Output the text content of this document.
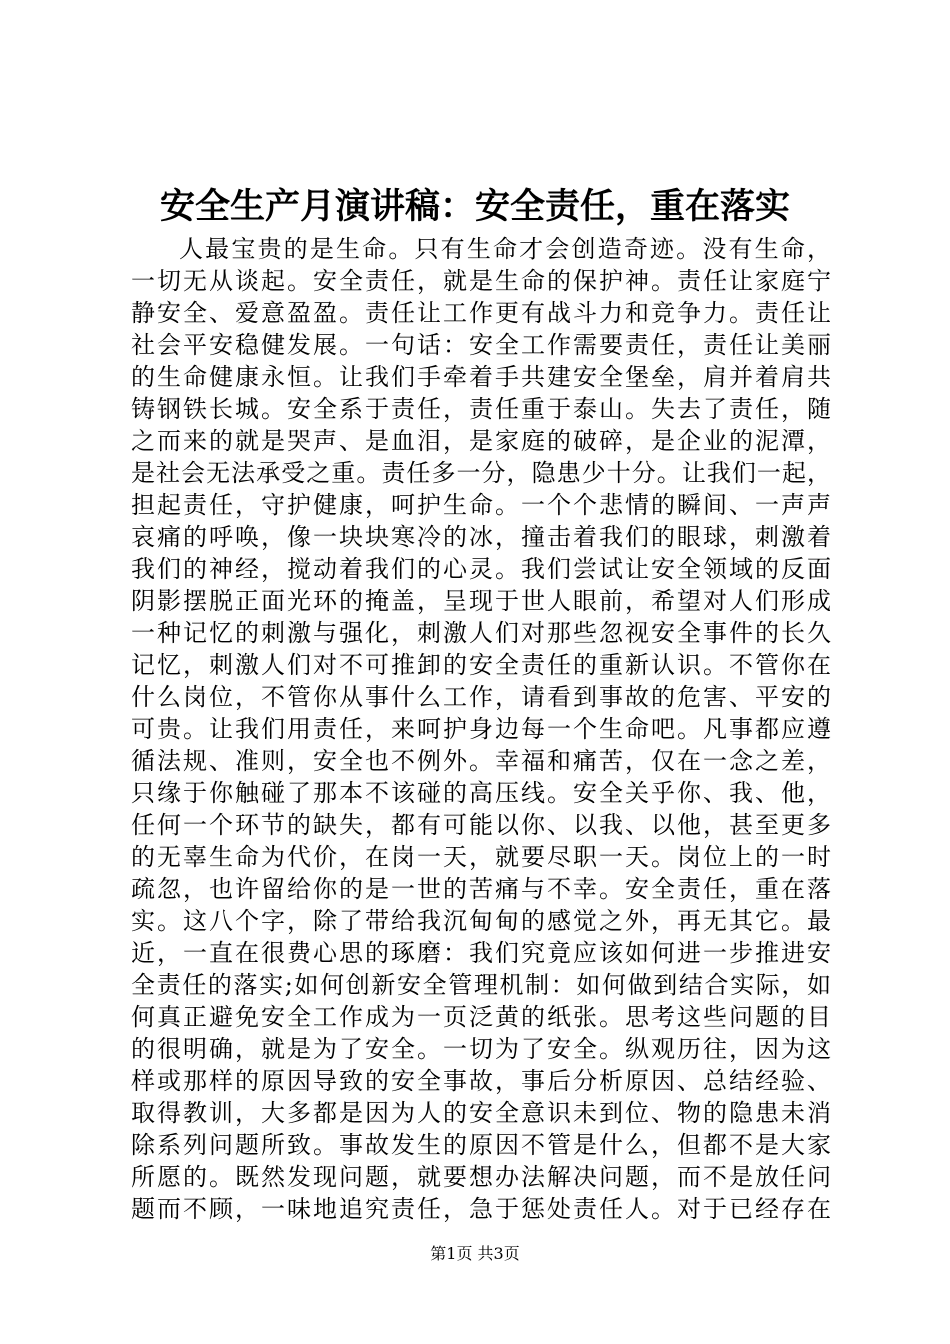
安全生产月演讲稿：安全责任，重在落实
人最宝贵的是生命。只有生命才会创造奇迹。没有生命，
一切无从谈起。安全责任，就是生命的保护神。责任让家庭宁
静安全、爱意盈盈。责任让工作更有战斗力和竞争力。责任让
社会平安稳健发展。一句话：安全工作需要责任，责任让美丽
的生命健康永恒。让我们手牵着手共建安全堡垒，肩并着肩共
铸钢铁长城。安全系于责任，责任重于泰山。失去了责任，随
之而来的就是哭声、是血泪，是家庭的破碎，是企业的泥潭，
是社会无法承受之重。责任多一分，隐患少十分。让我们一起，
担起责任，守护健康，呵护生命。一个个悲情的瞬间、一声声
哀痛的呼唤，像一块块寒冷的冰，撞击着我们的眼球，刺激着
我们的神经，搅动着我们的心灵。我们尝试让安全领域的反面
阴影摆脱正面光环的掩盖，呈现于世人眼前，希望对人们形成
一种记忆的刺激与强化，刺激人们对那些忽视安全事件的长久
记忆，刺激人们对不可推卸的安全责任的重新认识。不管你在
什么岗位，不管你从事什么工作，请看到事故的危害、平安的
可贵。让我们用责任，来呵护身边每一个生命吧。凡事都应遵
循法规、准则，安全也不例外。幸福和痛苦，仅在一念之差，
只缘于你触碰了那本不该碰的高压线。安全关乎你、我、他，
任何一个环节的缺失，都有可能以你、以我、以他，甚至更多
的无辜生命为代价，在岗一天，就要尽职一天。岗位上的一时
疏忽，也许留给你的是一世的苦痛与不幸。安全责任，重在落
实。这八个字，除了带给我沉甸甸的感觉之外，再无其它。最
近，一直在很费心思的琢磨：我们究竟应该如何进一步推进安
全责任的落实;如何创新安全管理机制：如何做到结合实际，如
何真正避免安全工作成为一页泛黄的纸张。思考这些问题的目
的很明确，就是为了安全。一切为了安全。纵观历往，因为这
样或那样的原因导致的安全事故，事后分析原因、总结经验、
取得教训，大多都是因为人的安全意识未到位、物的隐患未消
除系列问题所致。事故发生的原因不管是什么，但都不是大家
所愿的。既然发现问题，就要想办法解决问题，而不是放任问
题而不顾，一味地追究责任，急于惩处责任人。对于已经存在
第1页 共3页
